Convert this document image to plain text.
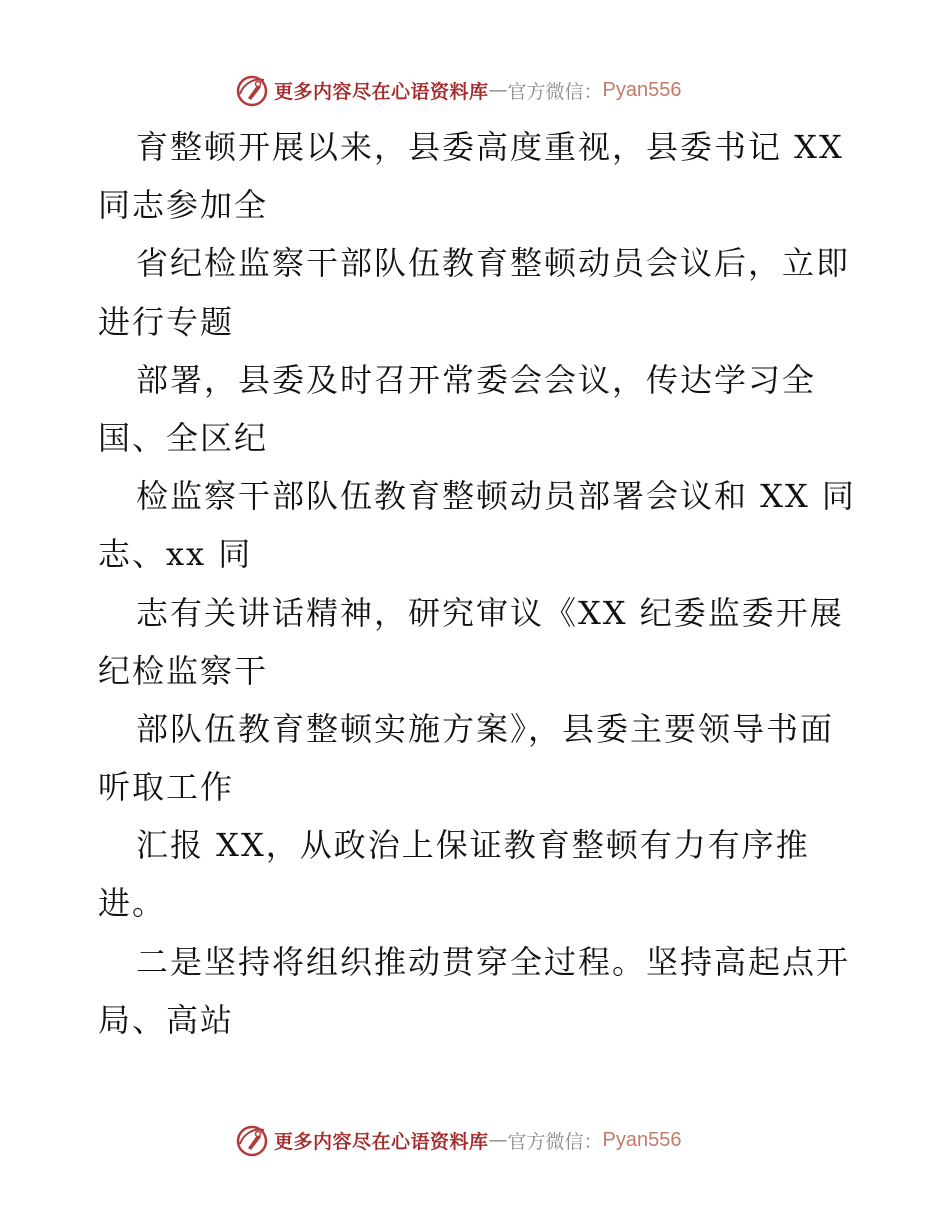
更多内容尽在心语资料库 — 官方微信： Pyan556
育整顿开展以来，县委高度重视，县委书记 XX
同志参加全
省纪检监察干部队伍教育整顿动员会议后，立即
进行专题
部署，县委及时召开常委会会议，传达学习全
国、全区纪
检监察干部队伍教育整顿动员部署会议和 XX 同
志、xx 同
志有关讲话精神，研究审议《XX 纪委监委开展
纪检监察干
部队伍教育整顿实施方案》，县委主要领导书面
听取工作
汇报 XX，从政治上保证教育整顿有力有序推
进。
二是坚持将组织推动贯穿全过程。坚持高起点开
局、高站
更多内容尽在心语资料库 — 官方微信： Pyan556
